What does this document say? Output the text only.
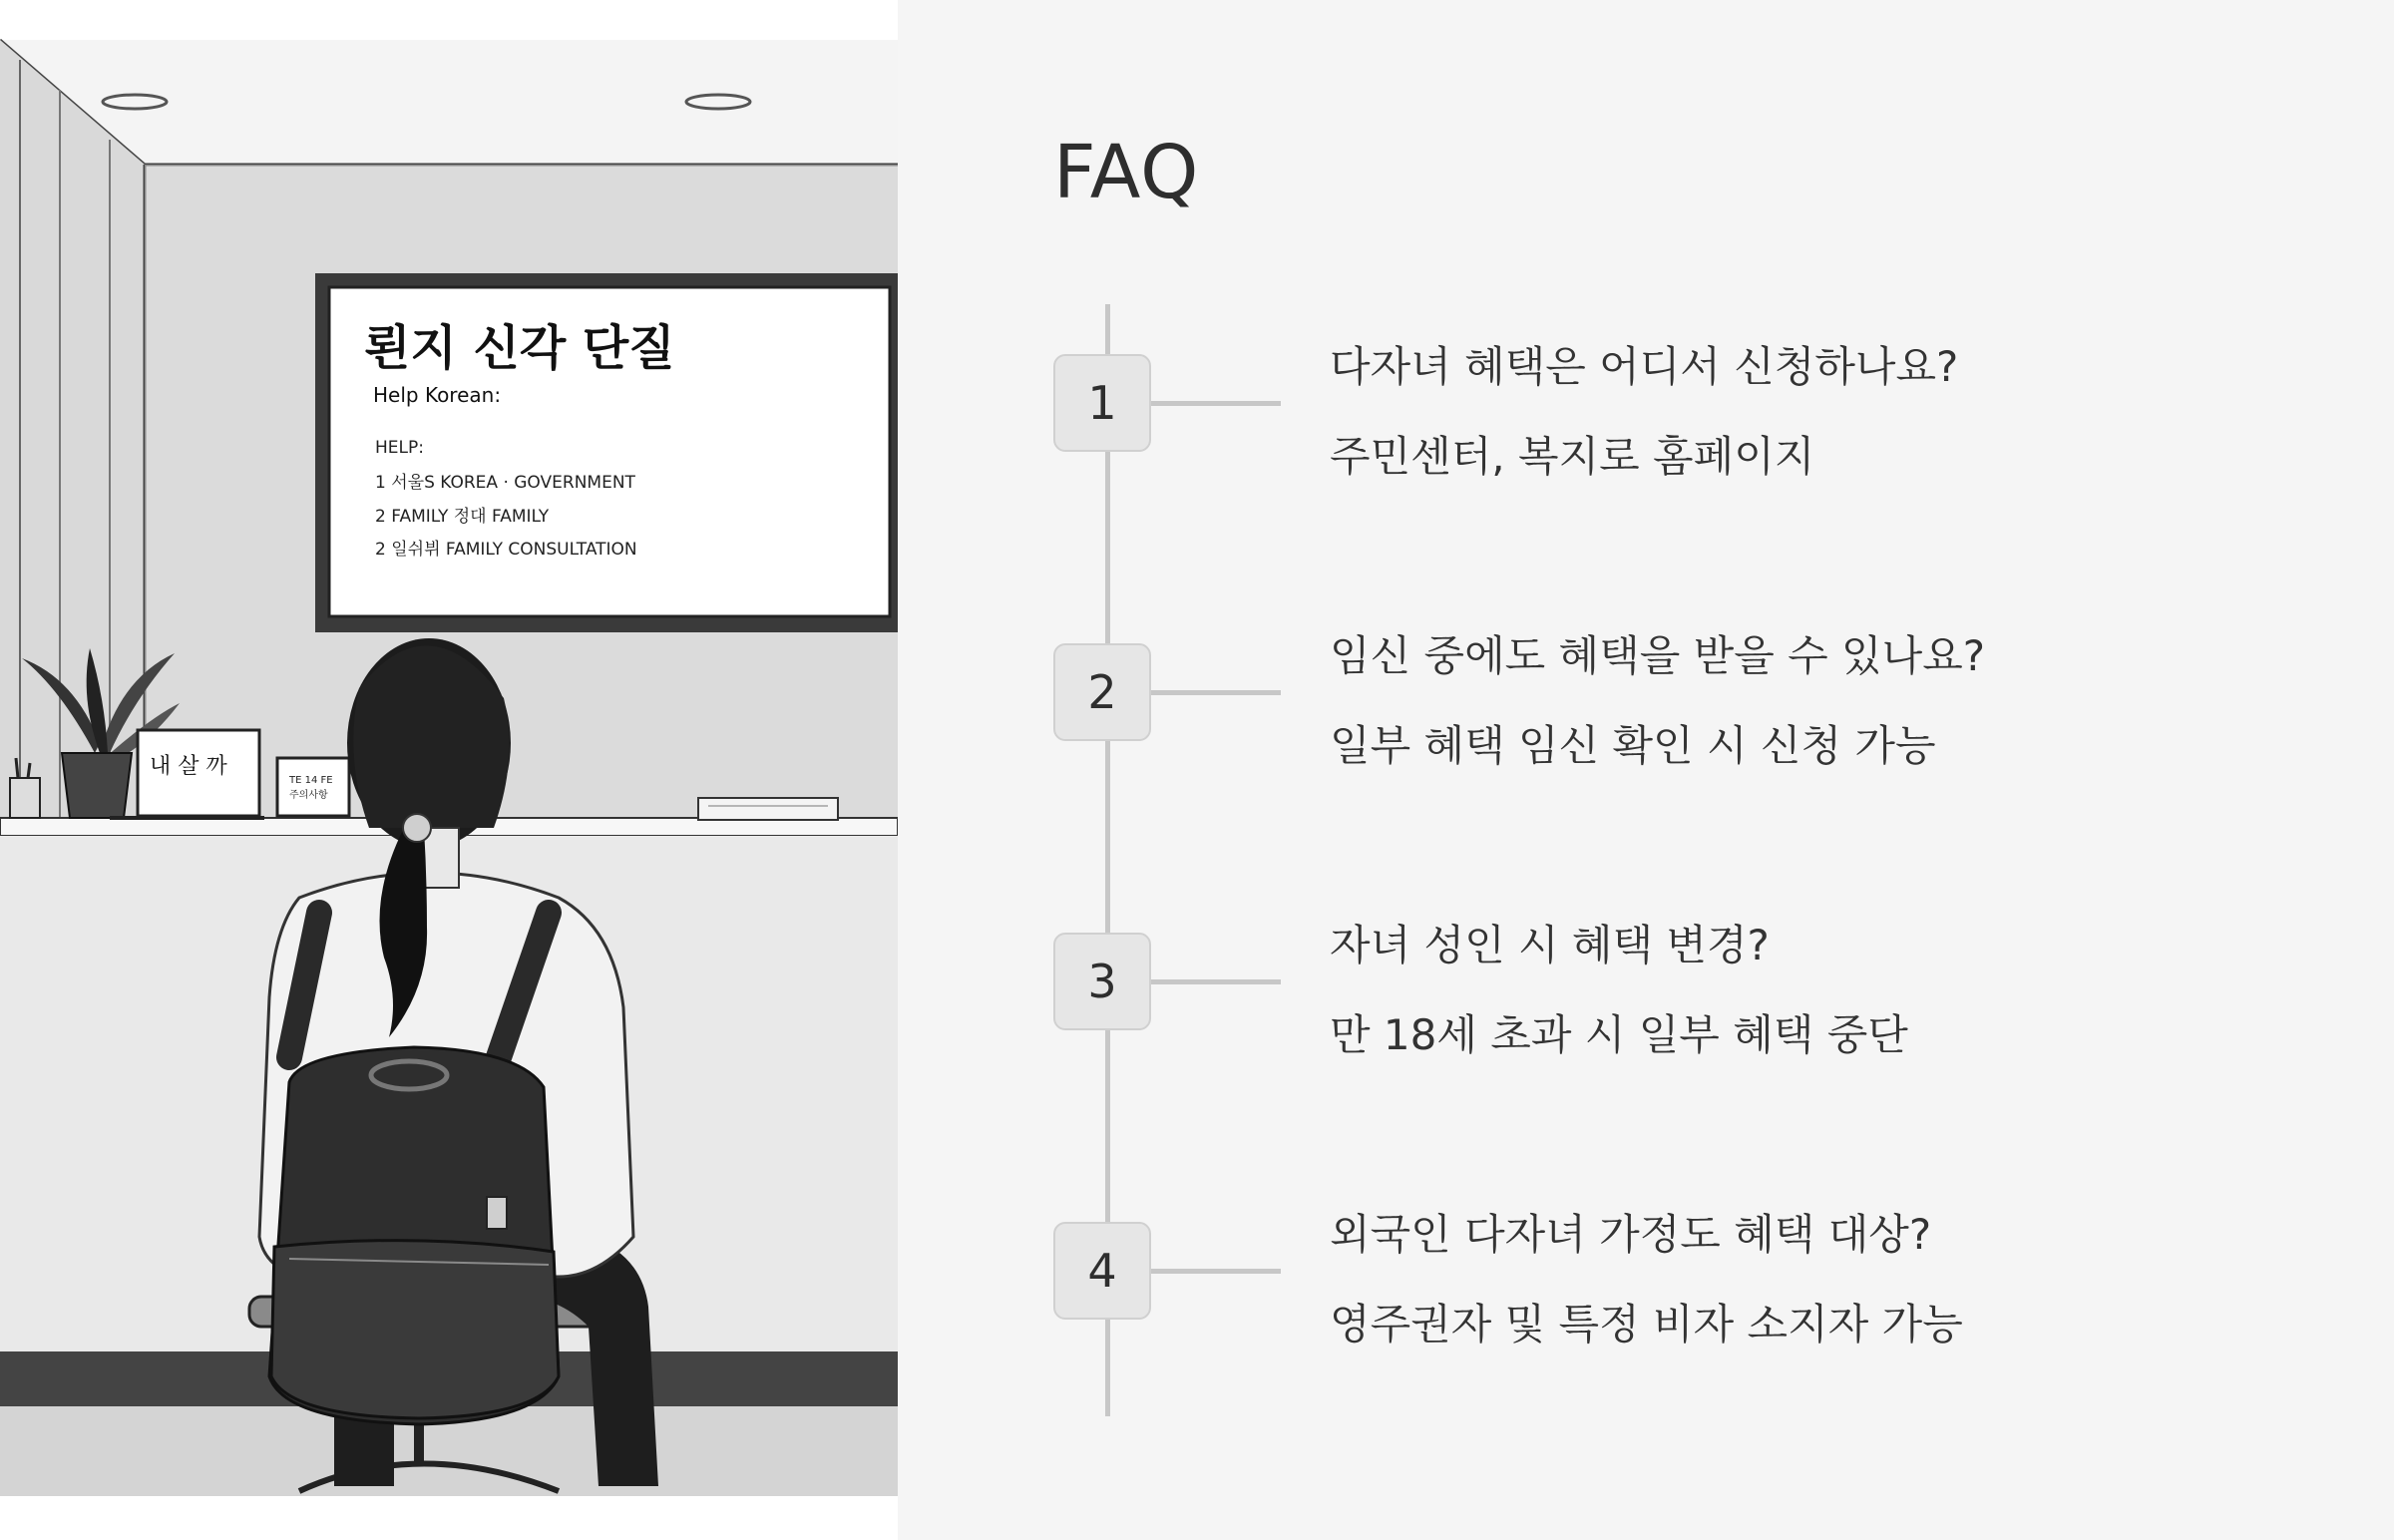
뢴지 신각 단질
Help Korean:
HELP:
1 서울S KOREA · GOVERNMENT
2 FAMILY 정대 FAMILY
2 일쉬뷔 FAMILY CONSULTATION
내 살 까
TE 14 FE
주의사항
FAQ
1
다자녀 혜택은 어디서 신청하나요?
주민센터, 복지로 홈페이지
2
임신 중에도 혜택을 받을 수 있나요?
일부 혜택 임신 확인 시 신청 가능
3
자녀 성인 시 혜택 변경?
만 18세 초과 시 일부 혜택 중단
4
외국인 다자녀 가정도 혜택 대상?
영주권자 및 특정 비자 소지자 가능
